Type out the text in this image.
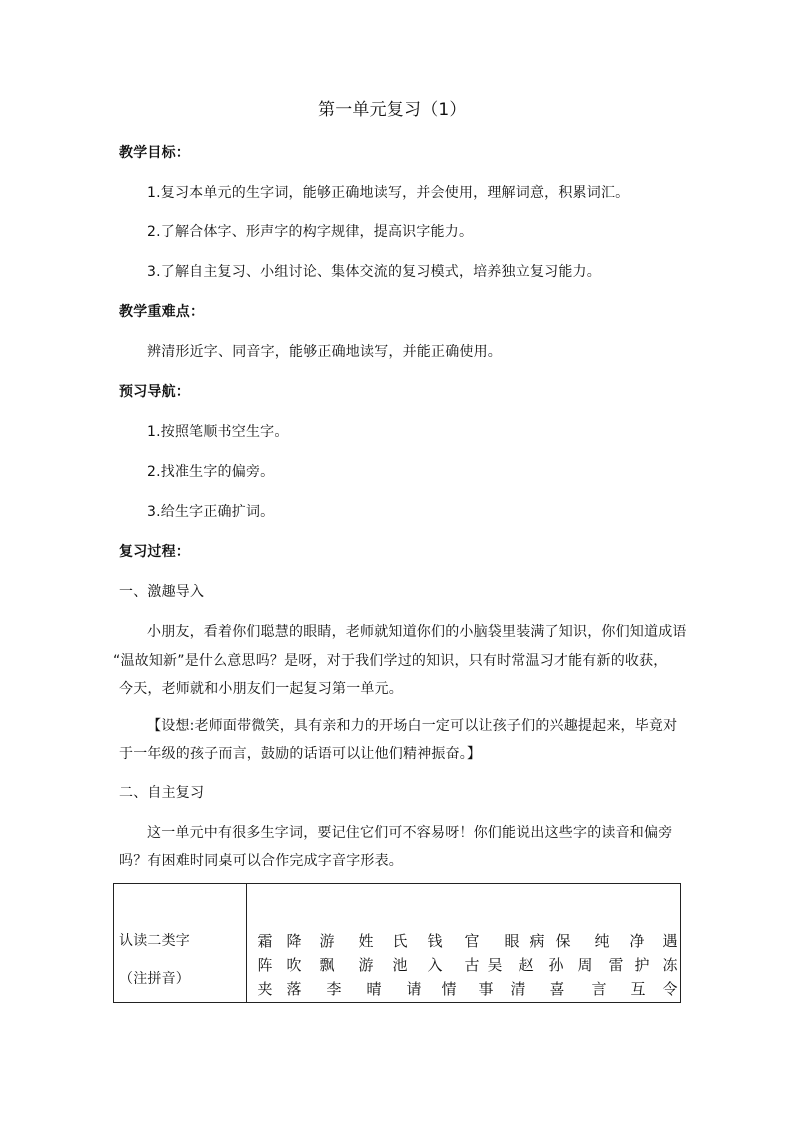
第一单元复习（1）
教学目标：
1.复习本单元的生字词，能够正确地读写，并会使用，理解词意，积累词汇。
2.了解合体字、形声字的构字规律，提高识字能力。
3.了解自主复习、小组讨论、集体交流的复习模式，培养独立复习能力。
教学重难点：
辨清形近字、同音字，能够正确地读写，并能正确使用。
预习导航：
1.按照笔顺书空生字。
2.找准生字的偏旁。
3.给生字正确扩词。
复习过程：
一、激趣导入
小朋友，看着你们聪慧的眼睛，老师就知道你们的小脑袋里装满了知识，你们知道成语
“温故知新”是什么意思吗？是呀，对于我们学过的知识，只有时常温习才能有新的收获，
今天，老师就和小朋友们一起复习第一单元。
【设想:老师面带微笑，具有亲和力的开场白一定可以让孩子们的兴趣提起来，毕竟对
于一年级的孩子而言，鼓励的话语可以让他们精神振奋。】
二、自主复习
这一单元中有很多生字词，要记住它们可不容易呀！你们能说出这些字的读音和偏旁
吗？有困难时同桌可以合作完成字音字形表。
认读二类字
（注拼音）
霜 降 游 姓 氏 钱 官 眼 病 保 纯 净 遇
阵 吹 飘 游 池 入 古 吴 赵 孙 周 雷 护 冻
夹 落 李 晴 请 情 事 清 喜 言 互 令
